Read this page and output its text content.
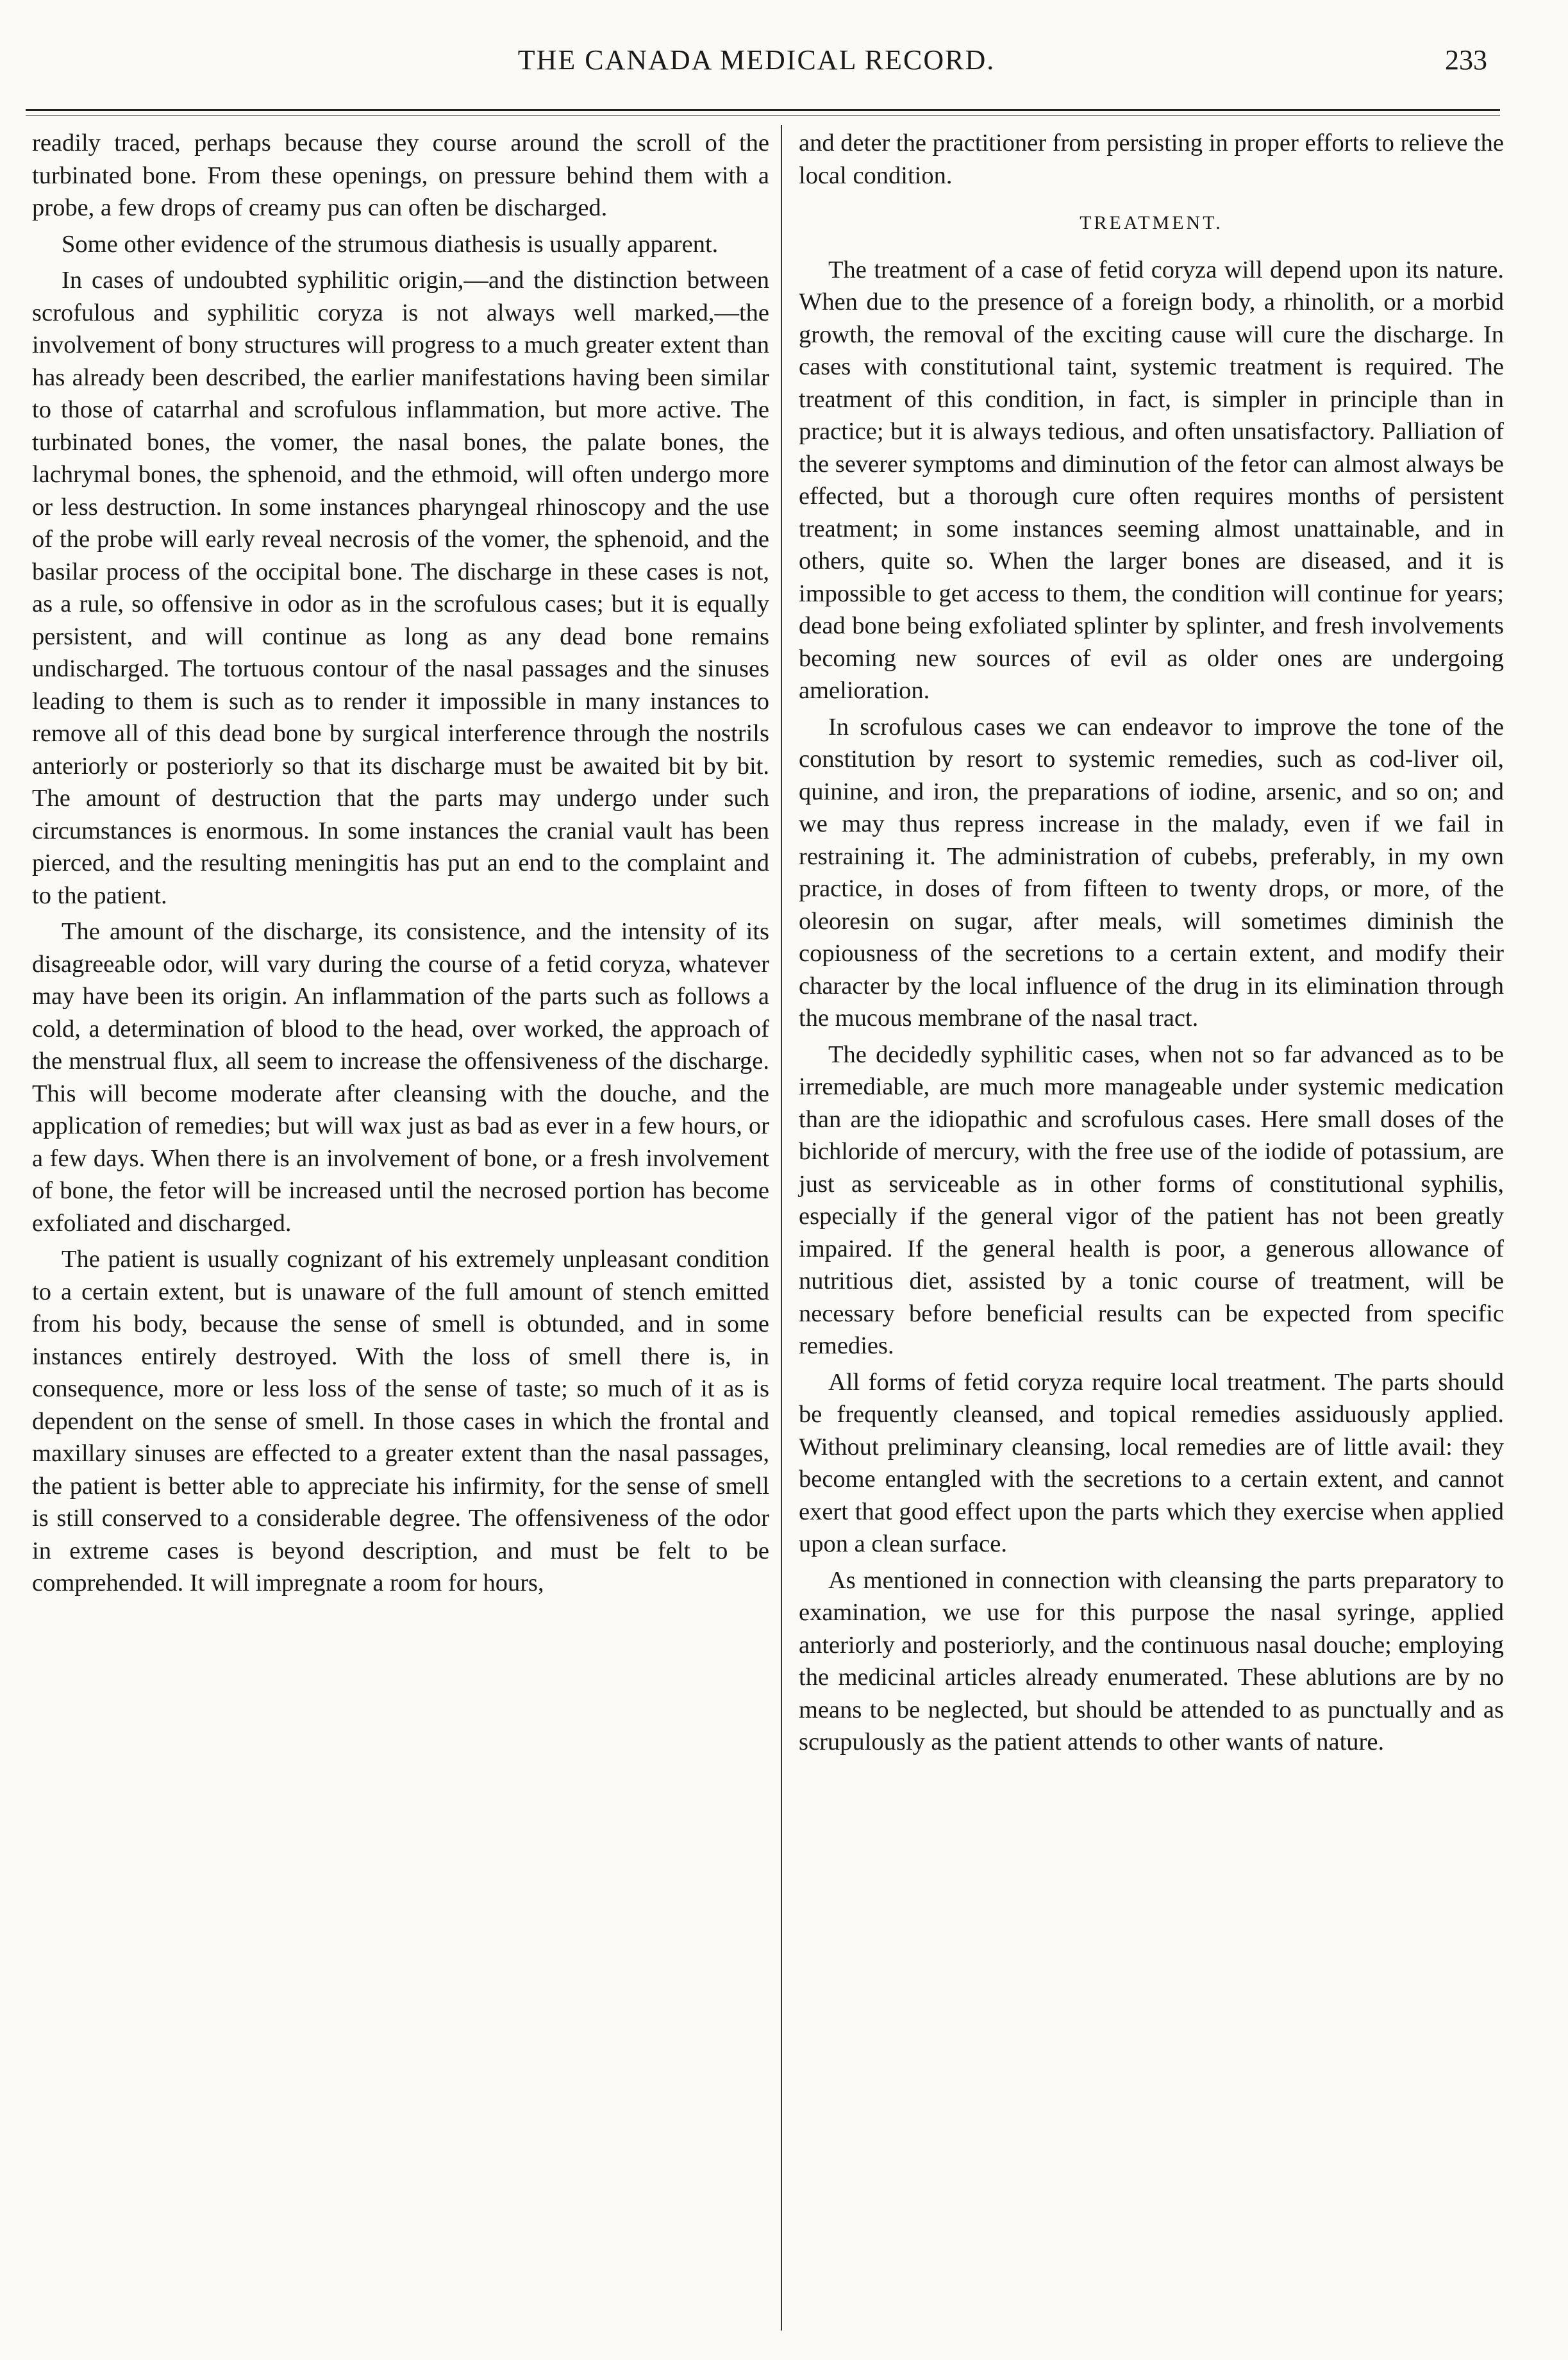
THE CANADA MEDICAL RECORD.	233

readily traced, perhaps because they course around the scroll of the turbinated bone. From these openings, on pressure behind them with a probe, a few drops of creamy pus can often be discharged.

Some other evidence of the strumous diathesis is usually apparent.

In cases of undoubted syphilitic origin,—and the distinction between scrofulous and syphilitic coryza is not always well marked,—the involvement of bony structures will progress to a much greater extent than has already been described, the earlier manifestations having been similar to those of catarrhal and scrofulous inflammation, but more active. The turbinated bones, the vomer, the nasal bones, the palate bones, the lachrymal bones, the sphenoid, and the ethmoid, will often undergo more or less destruction. In some instances pharyngeal rhinoscopy and the use of the probe will early reveal necrosis of the vomer, the sphenoid, and the basilar process of the occipital bone. The discharge in these cases is not, as a rule, so offensive in odor as in the scrofulous cases; but it is equally persistent, and will continue as long as any dead bone remains undischarged. The tortuous contour of the nasal passages and the sinuses leading to them is such as to render it impossible in many instances to remove all of this dead bone by surgical interference through the nostrils anteriorly or posteriorly so that its discharge must be awaited bit by bit. The amount of destruction that the parts may undergo under such circumstances is enormous. In some instances the cranial vault has been pierced, and the resulting meningitis has put an end to the complaint and to the patient.

The amount of the discharge, its consistence, and the intensity of its disagreeable odor, will vary during the course of a fetid coryza, whatever may have been its origin. An inflammation of the parts such as follows a cold, a determination of blood to the head, over worked, the approach of the menstrual flux, all seem to increase the offensiveness of the discharge. This will become moderate after cleansing with the douche, and the application of remedies; but will wax just as bad as ever in a few hours, or a few days. When there is an involvement of bone, or a fresh involvement of bone, the fetor will be increased until the necrosed portion has become exfoliated and discharged.

The patient is usually cognizant of his extremely unpleasant condition to a certain extent, but is unaware of the full amount of stench emitted from his body, because the sense of smell is obtunded, and in some instances entirely destroyed. With the loss of smell there is, in consequence, more or less loss of the sense of taste; so much of it as is dependent on the sense of smell. In those cases in which the frontal and maxillary sinuses are effected to a greater extent than the nasal passages, the patient is better able to appreciate his infirmity, for the sense of smell is still conserved to a considerable degree. The offensiveness of the odor in extreme cases is beyond description, and must be felt to be comprehended. It will impregnate a room for hours,

and deter the practitioner from persisting in proper efforts to relieve the local condition.

TREATMENT.

The treatment of a case of fetid coryza will depend upon its nature. When due to the presence of a foreign body, a rhinolith, or a morbid growth, the removal of the exciting cause will cure the discharge. In cases with constitutional taint, systemic treatment is required. The treatment of this condition, in fact, is simpler in principle than in practice; but it is always tedious, and often unsatisfactory. Palliation of the severer symptoms and diminution of the fetor can almost always be effected, but a thorough cure often requires months of persistent treatment; in some instances seeming almost unattainable, and in others, quite so. When the larger bones are diseased, and it is impossible to get access to them, the condition will continue for years; dead bone being exfoliated splinter by splinter, and fresh involvements becoming new sources of evil as older ones are undergoing amelioration.

In scrofulous cases we can endeavor to improve the tone of the constitution by resort to systemic remedies, such as cod-liver oil, quinine, and iron, the preparations of iodine, arsenic, and so on; and we may thus repress increase in the malady, even if we fail in restraining it. The administration of cubebs, preferably, in my own practice, in doses of from fifteen to twenty drops, or more, of the oleoresin on sugar, after meals, will sometimes diminish the copiousness of the secretions to a certain extent, and modify their character by the local influence of the drug in its elimination through the mucous membrane of the nasal tract.

The decidedly syphilitic cases, when not so far advanced as to be irremediable, are much more manageable under systemic medication than are the idiopathic and scrofulous cases. Here small doses of the bichloride of mercury, with the free use of the iodide of potassium, are just as serviceable as in other forms of constitutional syphilis, especially if the general vigor of the patient has not been greatly impaired. If the general health is poor, a generous allowance of nutritious diet, assisted by a tonic course of treatment, will be necessary before beneficial results can be expected from specific remedies.

All forms of fetid coryza require local treatment. The parts should be frequently cleansed, and topical remedies assiduously applied. Without preliminary cleansing, local remedies are of little avail: they become entangled with the secretions to a certain extent, and cannot exert that good effect upon the parts which they exercise when applied upon a clean surface.

As mentioned in connection with cleansing the parts preparatory to examination, we use for this purpose the nasal syringe, applied anteriorly and posteriorly, and the continuous nasal douche; employing the medicinal articles already enumerated. These ablutions are by no means to be neglected, but should be attended to as punctually and as scrupulously as the patient attends to other wants of nature.
